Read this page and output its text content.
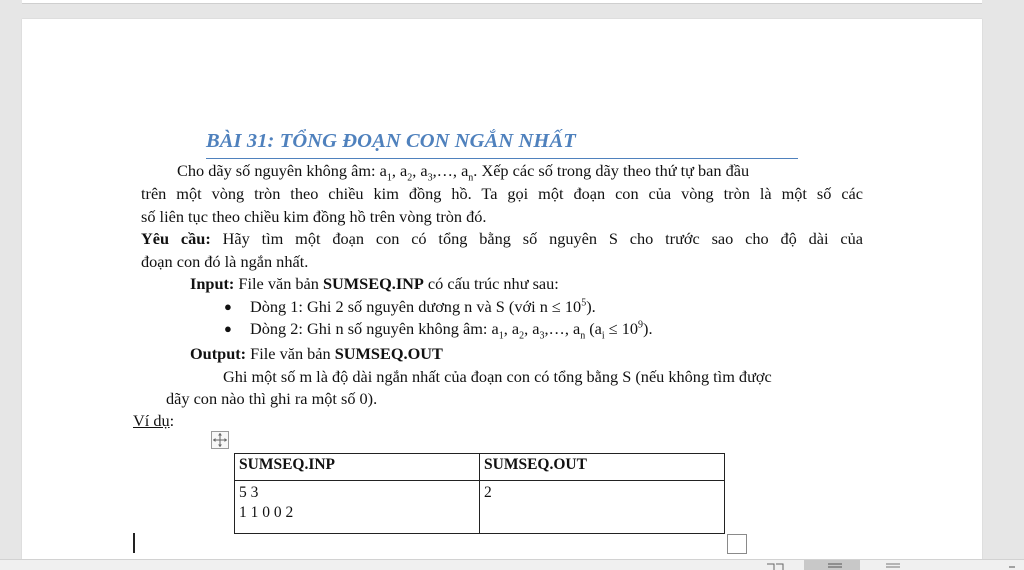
BÀI 31: TỔNG ĐOẠN CON NGẮN NHẤT
Cho dãy số nguyên không âm: $a_1$, $a_2$, $a_3,\dots$, $a_n$. Xếp các số trong dãy theo thứ tự ban đầu
trên một vòng tròn theo chiều kim đồng hồ. Ta gọi một đoạn con của vòng tròn là một số các
số liên tục theo chiều kim đồng hồ trên vòng tròn đó.
Yêu cầu: Hãy tìm một đoạn con có tổng bằng số nguyên S cho trước sao cho độ dài của
đoạn con đó là ngắn nhất.
Input: File văn bản SUMSEQ.INP có cấu trúc như sau:
● Dòng 1: Ghi 2 số nguyên dương n và S (với $n \le 10^5$).
● Dòng 2: Ghi n số nguyên không âm: $a_1$, $a_2$, $a_3,\dots$, $a_n$ $(a_i \le 10^9)$.
Output: File văn bản SUMSEQ.OUT
Ghi một số m là độ dài ngắn nhất của đoạn con có tổng bằng S (nếu không tìm được
dãy con nào thì ghi ra một số 0).
Ví dụ:
SUMSEQ.INP	SUMSEQ.OUT

5 3
1 1 0 0 2	2
